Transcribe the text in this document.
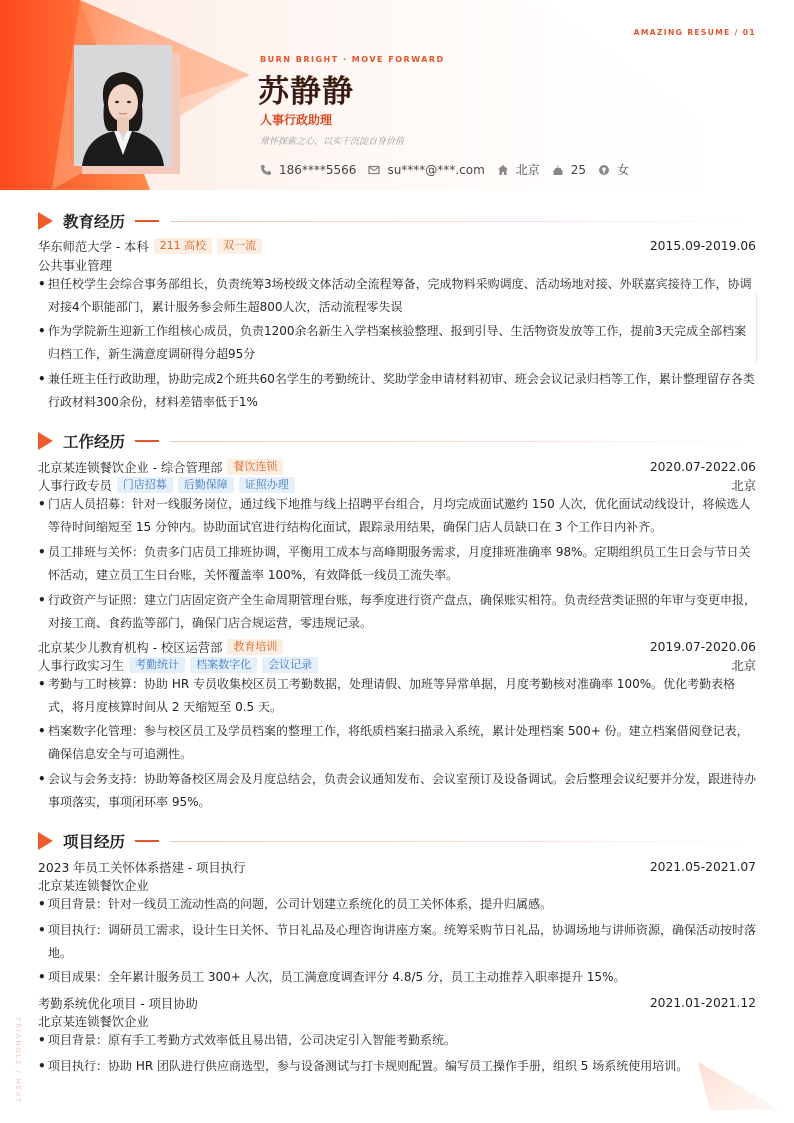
AMAZING RESUME / 01
BURN BRIGHT · MOVE FORWARD
苏静静
人事行政助理
常怀探索之心，以实干沉淀自身价值
186****5566	su****@***.com	北京	25	女
教育经历
华东师范大学 - 本科	211 高校	双一流	2015.09-2019.06
公共事业管理
• 担任校学生会综合事务部组长，负责统筹3场校级文体活动全流程筹备，完成物料采购调度、活动场地对接、外联嘉宾接待工作，协调对接4个职能部门，累计服务参会师生超800人次，活动流程零失误
• 作为学院新生迎新工作组核心成员，负责1200余名新生入学档案核验整理、报到引导、生活物资发放等工作，提前3天完成全部档案归档工作，新生满意度调研得分超95分
• 兼任班主任行政助理，协助完成2个班共60名学生的考勤统计、奖助学金申请材料初审、班会会议记录归档等工作，累计整理留存各类行政材料300余份，材料差错率低于1%
工作经历
北京某连锁餐饮企业 - 综合管理部	餐饮连锁	2020.07-2022.06
人事行政专员	门店招募	后勤保障	证照办理	北京
• 门店人员招募：针对一线服务岗位，通过线下地推与线上招聘平台组合，月均完成面试邀约 150 人次，优化面试动线设计，将候选人等待时间缩短至 15 分钟内。协助面试官进行结构化面试，跟踪录用结果，确保门店人员缺口在 3 个工作日内补齐。
• 员工排班与关怀：负责多门店员工排班协调，平衡用工成本与高峰期服务需求，月度排班准确率 98%。定期组织员工生日会与节日关怀活动，建立员工生日台账，关怀覆盖率 100%，有效降低一线员工流失率。
• 行政资产与证照：建立门店固定资产全生命周期管理台账，每季度进行资产盘点，确保账实相符。负责经营类证照的年审与变更申报，对接工商、食药监等部门，确保门店合规运营，零违规记录。
北京某少儿教育机构 - 校区运营部	教育培训	2019.07-2020.06
人事行政实习生	考勤统计	档案数字化	会议记录	北京
• 考勤与工时核算：协助 HR 专员收集校区员工考勤数据，处理请假、加班等异常单据，月度考勤核对准确率 100%。优化考勤表格式，将月度核算时间从 2 天缩短至 0.5 天。
• 档案数字化管理：参与校区员工及学员档案的整理工作，将纸质档案扫描录入系统，累计处理档案 500+ 份。建立档案借阅登记表，确保信息安全与可追溯性。
• 会议与会务支持：协助筹备校区周会及月度总结会，负责会议通知发布、会议室预订及设备调试。会后整理会议纪要并分发，跟进待办事项落实，事项闭环率 95%。
项目经历
2023 年员工关怀体系搭建 - 项目执行	2021.05-2021.07
北京某连锁餐饮企业
• 项目背景：针对一线员工流动性高的问题，公司计划建立系统化的员工关怀体系，提升归属感。
• 项目执行：调研员工需求，设计生日关怀、节日礼品及心理咨询讲座方案。统筹采购节日礼品，协调场地与讲师资源，确保活动按时落地。
• 项目成果：全年累计服务员工 300+ 人次，员工满意度调查评分 4.8/5 分，员工主动推荐入职率提升 15%。
考勤系统优化项目 - 项目协助	2021.01-2021.12
北京某连锁餐饮企业
• 项目背景：原有手工考勤方式效率低且易出错，公司决定引入智能考勤系统。
• 项目执行：协助 HR 团队进行供应商选型，参与设备测试与打卡规则配置。编写员工操作手册，组织 5 场系统使用培训。
TRIANGLE / HEAT
